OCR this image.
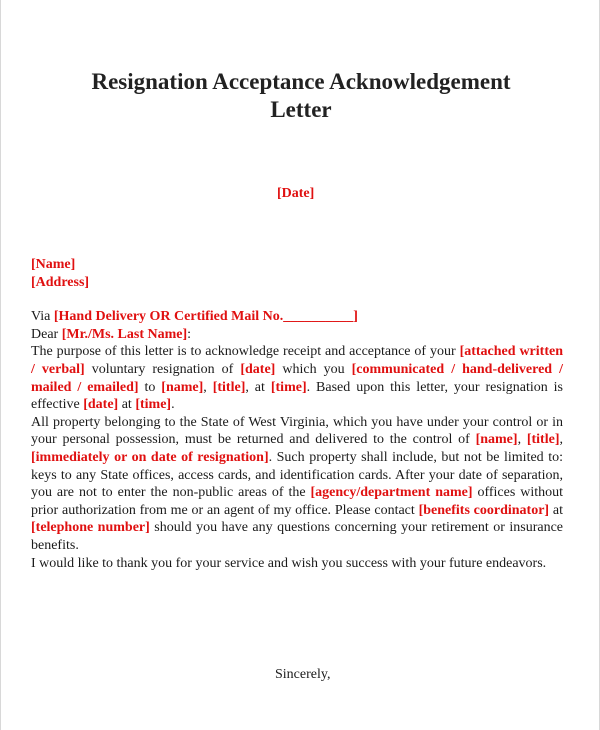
Resignation Acceptance Acknowledgement
Letter
[Date]
[Name]
[Address]

Via [Hand Delivery OR Certified Mail No.__________]

Dear [Mr./Ms. Last Name]:

The purpose of this letter is to acknowledge receipt and acceptance of your [attached written / verbal] voluntary resignation of [date] which you [communicated / hand-delivered / mailed / emailed] to [name], [title], at [time]. Based upon this letter, your resignation is effective [date] at [time].

All property belonging to the State of West Virginia, which you have under your control or in your personal possession, must be returned and delivered to the control of [name], [title], [immediately or on date of resignation]. Such property shall include, but not be limited to: keys to any State offices, access cards, and identification cards. After your date of separation, you are not to enter the non-public areas of the [agency/department name] offices without prior authorization from me or an agent of my office. Please contact [benefits coordinator] at [telephone number] should you have any questions concerning your retirement or insurance benefits.

I would like to thank you for your service and wish you success with your future endeavors.

Sincerely,
